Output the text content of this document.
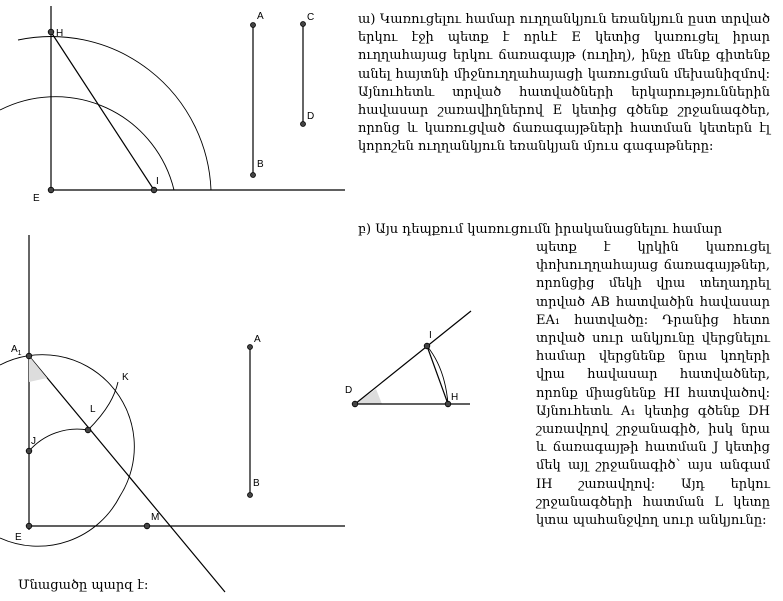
H
E
I
A
B
C
D
$A_1$
J
E
L
K
M
A
B
D
I
H

ա) Կառուցելու համար ուղղանկյուն եռանկյուն ըստ տրված երկու էջի պետք է որևէ E կետից կառուցել իրար ուղղահայաց երկու ճառագայթ (ուղիղ), ինչը մենք գիտենք անել հայտնի միջնուղղահայացի կառուցման մեխանիզմով: Այնուհետև տրված հատվածների երկարություններին հավասար շառավիղներով E կետից գծենք շրջանագծեր, որոնց և կառուցված ճառագայթների հատման կետերն էլ կորոշեն ուղղանկյուն եռանկյան մյուս գագաթները:

բ) Այս դեպքում կառուցումն իրականացնելու համար

պետք է կրկին կառուցել փոխուղղահայաց ճառագայթներ, որոնցից մեկի վրա տեղադրել տրված AB հատվածին հավասար EA₁ հատվածը: Դրանից հետո տրված սուր անկյունը վերցնելու համար վերցնենք նրա կողերի վրա հավասար հատվածներ, որոնք միացնենք HI հատվածով: Այնուհետև A₁ կետից գծենք DH շառավղով շրջանագիծ, իսկ նրա և ճառագայթի հատման J կետից մեկ այլ շրջանագիծ՝ այս անգամ IH շառավղով: Այդ երկու շրջանագծերի հատման L կետը կտա պահանջվող սուր անկյունը:

Մնացածը պարզ է:
